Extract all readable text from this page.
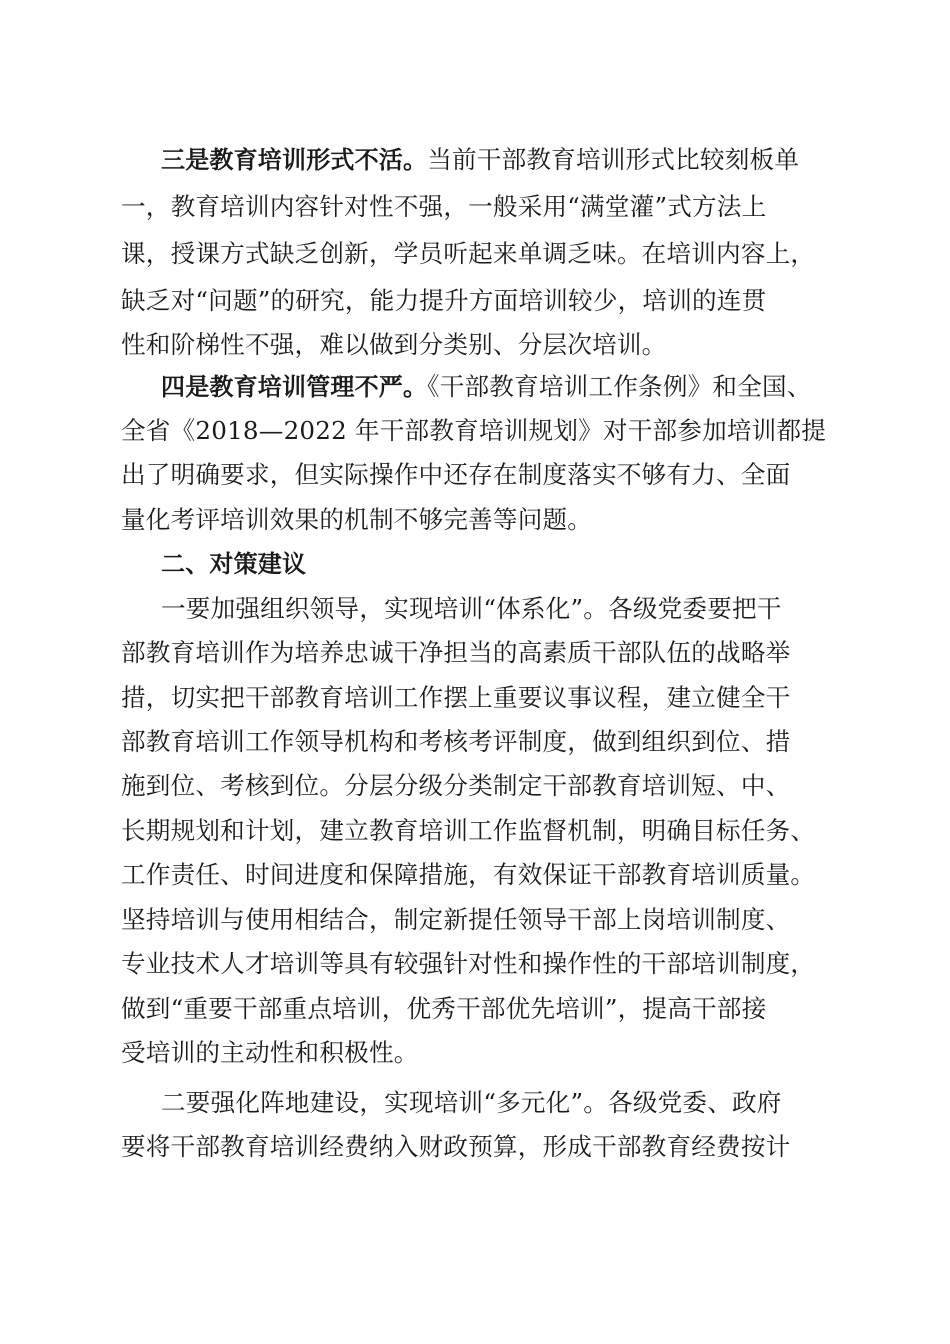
三是教育培训形式不活。当前干部教育培训形式比较刻板单
一，教育培训内容针对性不强，一般采用“满堂灌”式方法上
课，授课方式缺乏创新，学员听起来单调乏味。在培训内容上，
缺乏对“问题”的研究，能力提升方面培训较少，培训的连贯
性和阶梯性不强，难以做到分类别、分层次培训。
四是教育培训管理不严。《干部教育培训工作条例》和全国、
全省《2018—2022 年干部教育培训规划》对干部参加培训都提
出了明确要求，但实际操作中还存在制度落实不够有力、全面
量化考评培训效果的机制不够完善等问题。
二、对策建议
一要加强组织领导，实现培训“体系化”。各级党委要把干
部教育培训作为培养忠诚干净担当的高素质干部队伍的战略举
措，切实把干部教育培训工作摆上重要议事议程，建立健全干
部教育培训工作领导机构和考核考评制度，做到组织到位、措
施到位、考核到位。分层分级分类制定干部教育培训短、中、
长期规划和计划，建立教育培训工作监督机制，明确目标任务、
工作责任、时间进度和保障措施，有效保证干部教育培训质量。
坚持培训与使用相结合，制定新提任领导干部上岗培训制度、
专业技术人才培训等具有较强针对性和操作性的干部培训制度，
做到“重要干部重点培训，优秀干部优先培训”，提高干部接
受培训的主动性和积极性。
二要强化阵地建设，实现培训“多元化”。各级党委、政府
要将干部教育培训经费纳入财政预算，形成干部教育经费按计
